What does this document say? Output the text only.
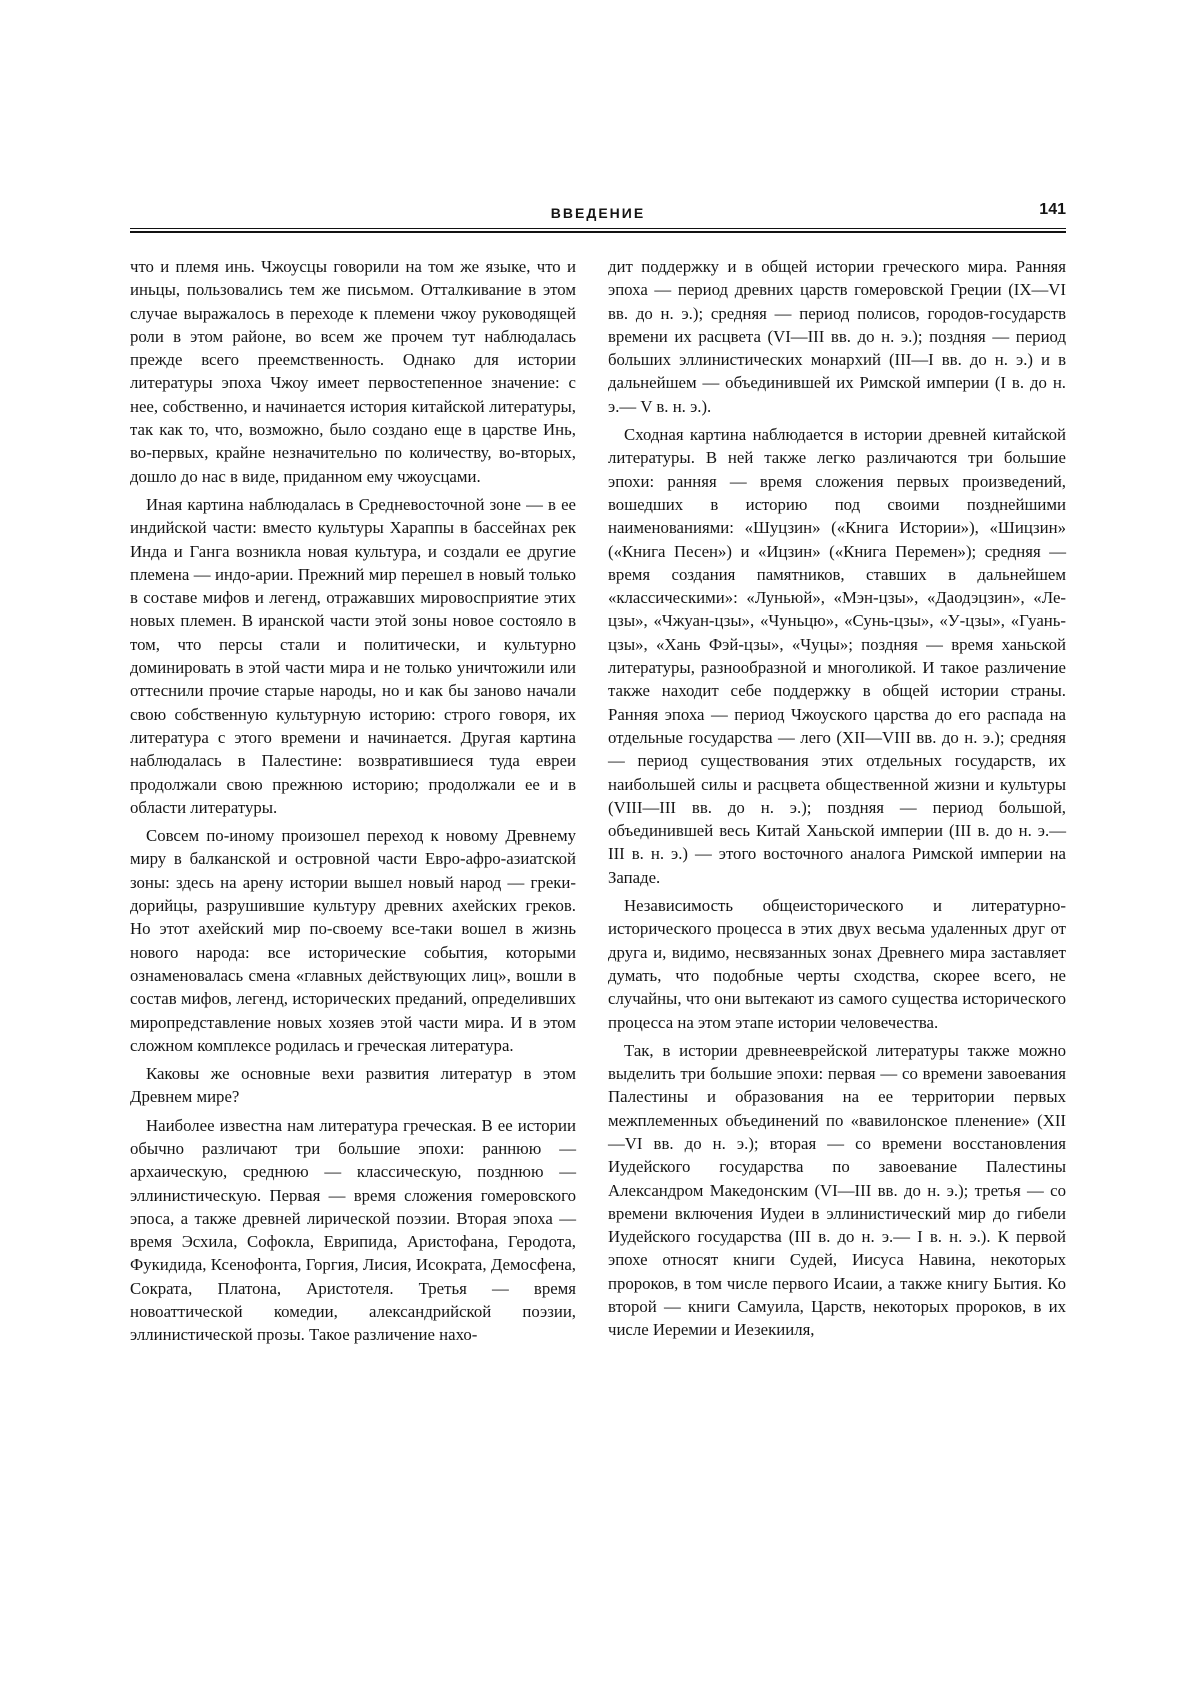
ВВЕДЕНИЕ	141

что и племя инь. Чжоусцы говорили на том же языке, что и иньцы, пользовались тем же письмом. Отталкивание в этом случае выражалось в переходе к племени чжоу руководящей роли в этом районе, во всем же прочем тут наблюдалась прежде всего преемственность. Однако для истории литературы эпоха Чжоу имеет первостепенное значение: с нее, собственно, и начинается история китайской литературы, так как то, что, возможно, было создано еще в царстве Инь, во-первых, крайне незначительно по количеству, во-вторых, дошло до нас в виде, приданном ему чжоусцами.

Иная картина наблюдалась в Средневосточной зоне — в ее индийской части: вместо культуры Хараппы в бассейнах рек Инда и Ганга возникла новая культура, и создали ее другие племена — индо-арии. Прежний мир перешел в новый только в составе мифов и легенд, отражавших мировосприятие этих новых племен. В иранской части этой зоны новое состояло в том, что персы стали и политически, и культурно доминировать в этой части мира и не только уничтожили или оттеснили прочие старые народы, но и как бы заново начали свою собственную культурную историю: строго говоря, их литература с этого времени и начинается. Другая картина наблюдалась в Палестине: возвратившиеся туда евреи продолжали свою прежнюю историю; продолжали ее и в области литературы.

Совсем по-иному произошел переход к новому Древнему миру в балканской и островной части Евро-афро-азиатской зоны: здесь на арену истории вышел новый народ — греки-дорийцы, разрушившие культуру древних ахейских греков. Но этот ахейский мир по-своему все-таки вошел в жизнь нового народа: все исторические события, которыми ознаменовалась смена «главных действующих лиц», вошли в состав мифов, легенд, исторических преданий, определивших миропредставление новых хозяев этой части мира. И в этом сложном комплексе родилась и греческая литература.

Каковы же основные вехи развития литератур в этом Древнем мире?

Наиболее известна нам литература греческая. В ее истории обычно различают три большие эпохи: раннюю — архаическую, среднюю — классическую, позднюю — эллинистическую. Первая — время сложения гомеровского эпоса, а также древней лирической поэзии. Вторая эпоха — время Эсхила, Софокла, Еврипида, Аристофана, Геродота, Фукидида, Ксенофонта, Горгия, Лисия, Исократа, Демосфена, Сократа, Платона, Аристотеля. Третья — время новоаттической комедии, александрийской поэзии, эллинистической прозы. Такое различение нахо-

дит поддержку и в общей истории греческого мира. Ранняя эпоха — период древних царств гомеровской Греции (IX—VI вв. до н. э.); средняя — период полисов, городов-государств времени их расцвета (VI—III вв. до н. э.); поздняя — период больших эллинистических монархий (III—I вв. до н. э.) и в дальнейшем — объединившей их Римской империи (I в. до н. э.— V в. н. э.).

Сходная картина наблюдается в истории древней китайской литературы. В ней также легко различаются три большие эпохи: ранняя — время сложения первых произведений, вошедших в историю под своими позднейшими наименованиями: «Шуцзин» («Книга Истории»), «Шицзин» («Книга Песен») и «Ицзин» («Книга Перемен»); средняя — время создания памятников, ставших в дальнейшем «классическими»: «Луньюй», «Мэн-цзы», «Даодэцзин», «Ле-цзы», «Чжуан-цзы», «Чуньцю», «Сунь-цзы», «У-цзы», «Гуань-цзы», «Хань Фэй-цзы», «Чуцы»; поздняя — время ханьской литературы, разнообразной и многоликой. И такое различение также находит себе поддержку в общей истории страны. Ранняя эпоха — период Чжоуского царства до его распада на отдельные государства — лего (XII—VIII вв. до н. э.); средняя — период существования этих отдельных государств, их наибольшей силы и расцвета общественной жизни и культуры (VIII—III вв. до н. э.); поздняя — период большой, объединившей весь Китай Ханьской империи (III в. до н. э.— III в. н. э.) — этого восточного аналога Римской империи на Западе.

Независимость общеисторического и литературно-исторического процесса в этих двух весьма удаленных друг от друга и, видимо, несвязанных зонах Древнего мира заставляет думать, что подобные черты сходства, скорее всего, не случайны, что они вытекают из самого существа исторического процесса на этом этапе истории человечества.

Так, в истории древнееврейской литературы также можно выделить три большие эпохи: первая — со времени завоевания Палестины и образования на ее территории первых межплеменных объединений по «вавилонское пленение» (XII—VI вв. до н. э.); вторая — со времени восстановления Иудейского государства по завоевание Палестины Александром Македонским (VI—III вв. до н. э.); третья — со времени включения Иудеи в эллинистический мир до гибели Иудейского государства (III в. до н. э.— I в. н. э.). К первой эпохе относят книги Судей, Иисуса Навина, некоторых пророков, в том числе первого Исаии, а также книгу Бытия. Ко второй — книги Самуила, Царств, некоторых пророков, в их числе Иеремии и Иезекииля,
